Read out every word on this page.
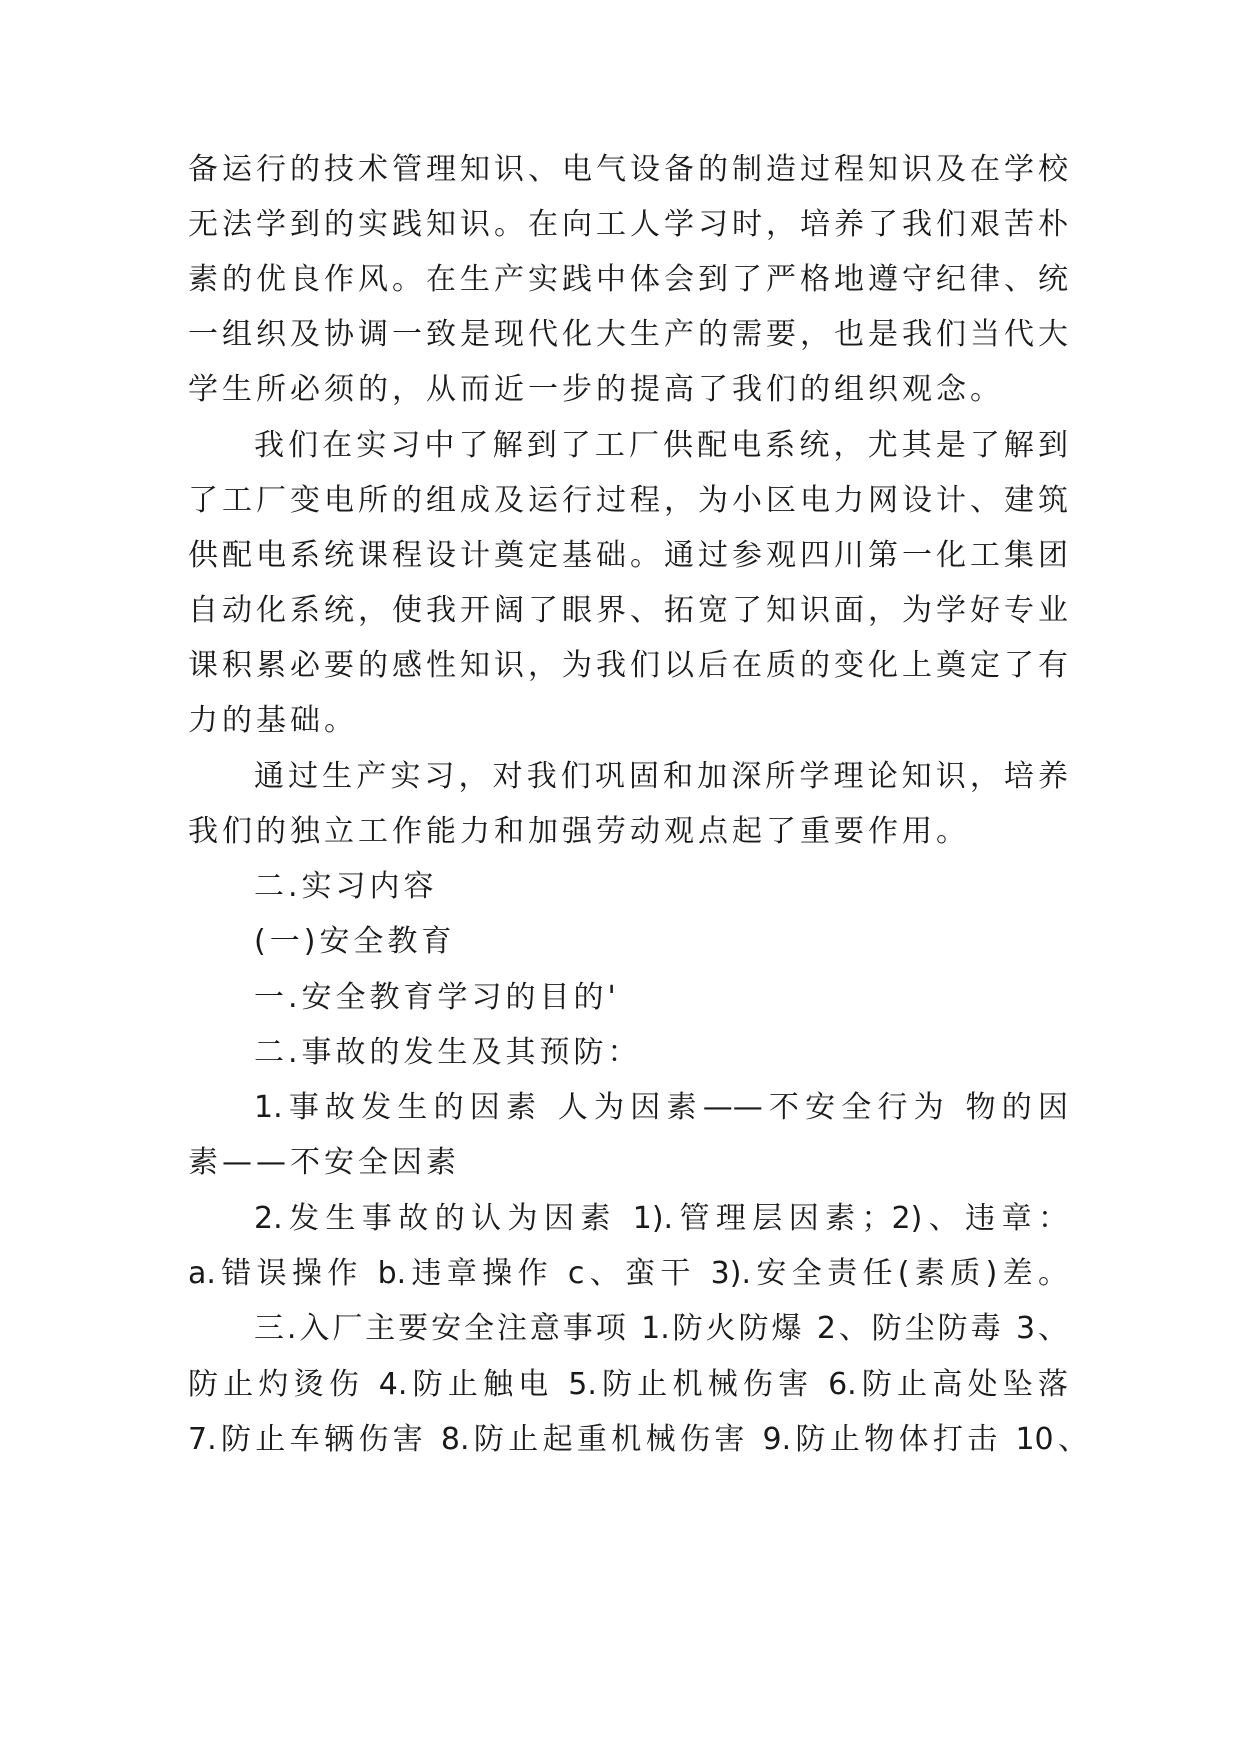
备运行的技术管理知识、电气设备的制造过程知识及在学校
无法学到的实践知识。在向工人学习时，培养了我们艰苦朴
素的优良作风。在生产实践中体会到了严格地遵守纪律、统
一组织及协调一致是现代化大生产的需要，也是我们当代大
学生所必须的，从而近一步的提高了我们的组织观念。
我们在实习中了解到了工厂供配电系统，尤其是了解到
了工厂变电所的组成及运行过程，为小区电力网设计、建筑
供配电系统课程设计奠定基础。通过参观四川第一化工集团
自动化系统，使我开阔了眼界、拓宽了知识面，为学好专业
课积累必要的感性知识，为我们以后在质的变化上奠定了有
力的基础。
通过生产实习，对我们巩固和加深所学理论知识，培养
我们的独立工作能力和加强劳动观点起了重要作用。
二.实习内容
(一)安全教育
一.安全教育学习的目的'
二.事故的发生及其预防：
1.事故发生的因素 人为因素——不安全行为 物的因
素——不安全因素
2.发生事故的认为因素 1).管理层因素；2)、违章：
a.错误操作 b.违章操作 c、蛮干 3).安全责任(素质)差。
三.入厂主要安全注意事项 1.防火防爆 2、防尘防毒 3、
防止灼烫伤 4.防止触电 5.防止机械伤害 6.防止高处坠落
7.防止车辆伤害 8.防止起重机械伤害 9.防止物体打击 10、
